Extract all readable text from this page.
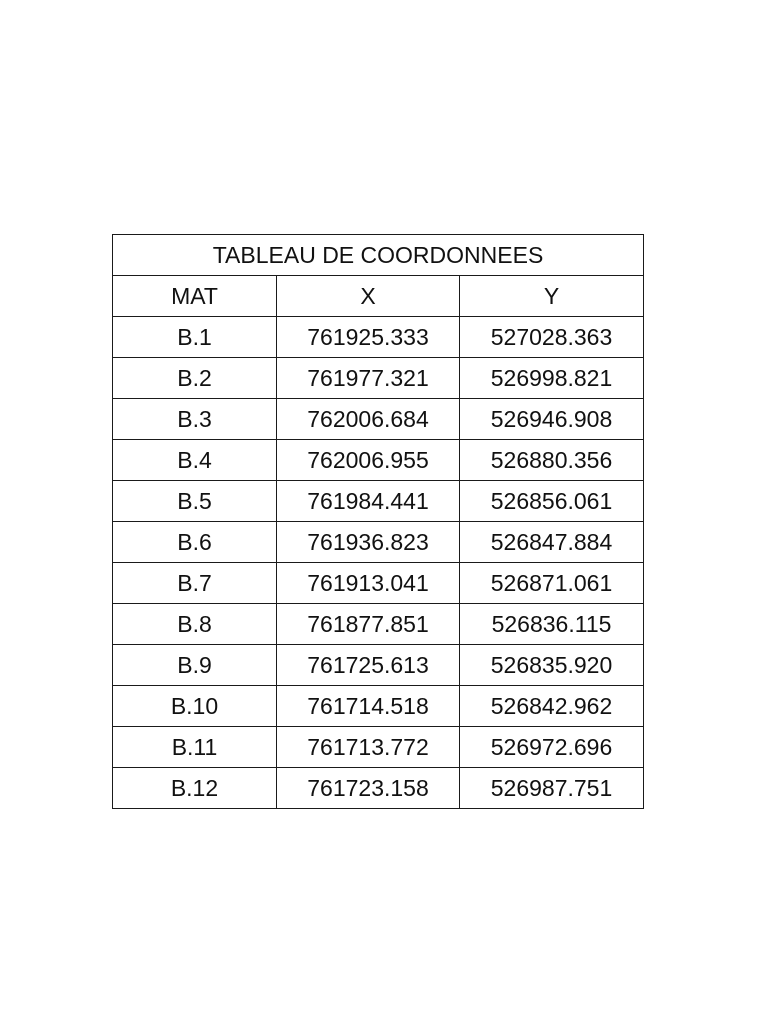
TABLEAU DE COORDONNEES		
MAT	X	Y
B.1	761925.333	527028.363
B.2	761977.321	526998.821
B.3	762006.684	526946.908
B.4	762006.955	526880.356
B.5	761984.441	526856.061
B.6	761936.823	526847.884
B.7	761913.041	526871.061
B.8	761877.851	526836.115
B.9	761725.613	526835.920
B.10	761714.518	526842.962
B.11	761713.772	526972.696
B.12	761723.158	526987.751
